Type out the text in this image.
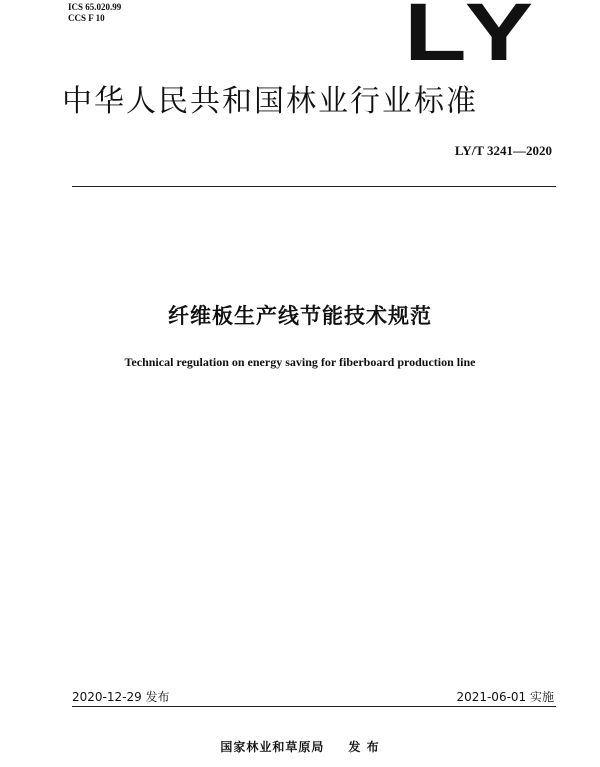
ICS 65.020.99
CCS F 10	LY
中华人民共和国林业行业标准
LY/T 3241—2020
纤维板生产线节能技术规范
Technical regulation on energy saving for fiberboard production line
2020-12-29 发布	2021-06-01 实施
国家林业和草原局 发 布
